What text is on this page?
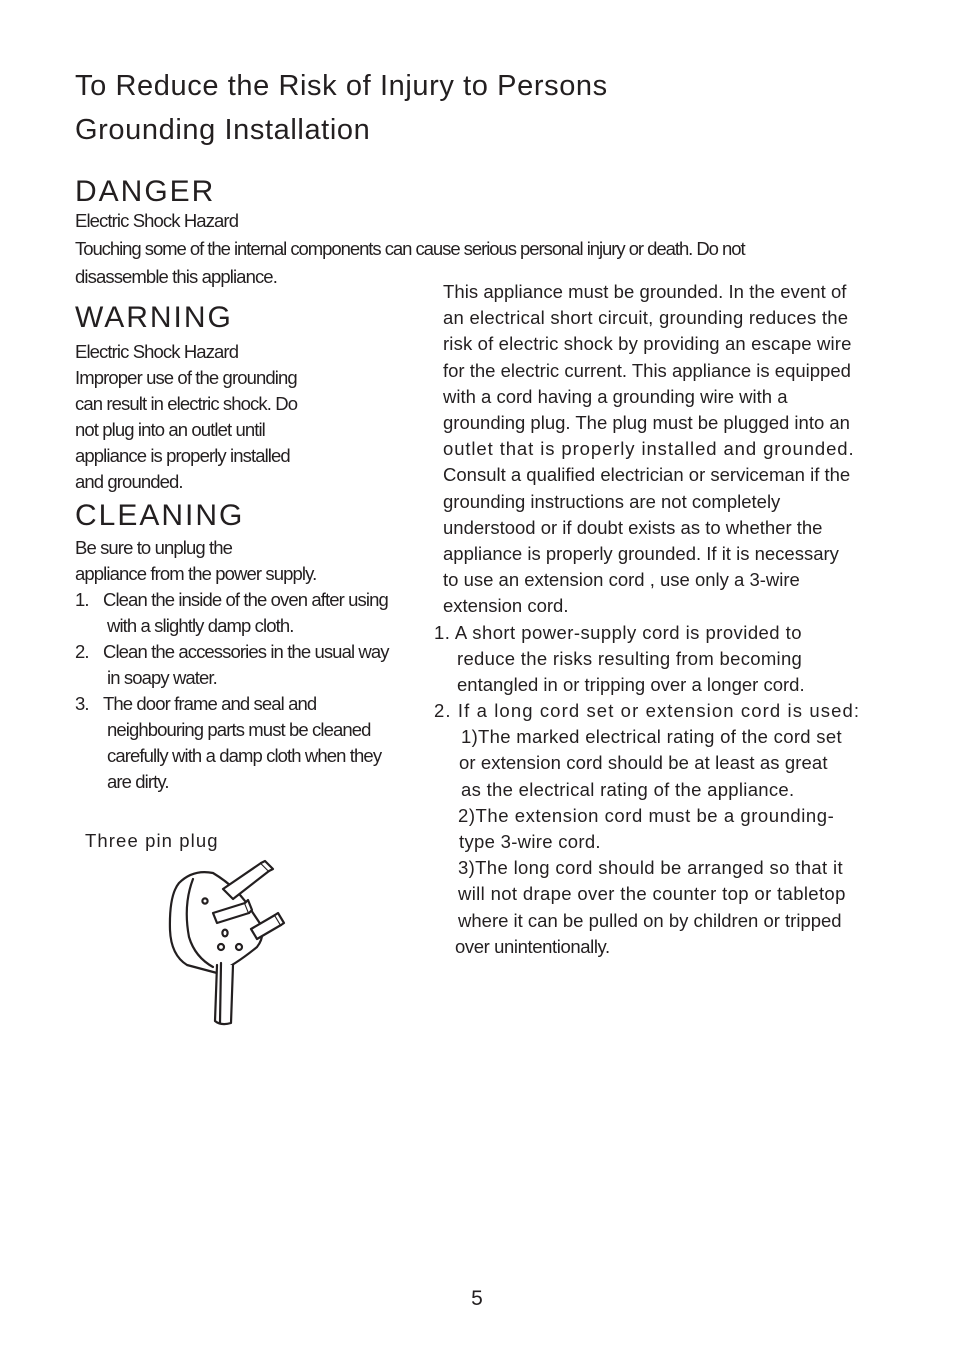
To Reduce the Risk of Injury to Persons
Grounding Installation
DANGER
Electric Shock Hazard
Touching some of the internal components can cause serious personal injury or death. Do not
disassemble this appliance.
WARNING
Electric Shock Hazard
Improper use of the grounding
can result in electric shock. Do
not plug into an outlet until
appliance is properly installed
and grounded.
CLEANING
Be sure to unplug the
appliance from the power supply.
1. Clean the inside of the oven after using
with a slightly damp cloth.
2. Clean the accessories in the usual way
in soapy water.
3. The door frame and seal and
neighbouring parts must be cleaned
carefully with a damp cloth when they
are dirty.
Three pin plug
This appliance must be grounded. In the event of
an electrical short circuit, grounding reduces the
risk of electric shock by providing an escape wire
for the electric current. This appliance is equipped
with a cord having a grounding wire with a
grounding plug. The plug must be plugged into an
outlet that is properly installed and grounded.
Consult a qualified electrician or serviceman if the
grounding instructions are not completely
understood or if doubt exists as to whether the
appliance is properly grounded. If it is necessary
to use an extension cord , use only a 3-wire
extension cord.
1. A short power-supply cord is provided to
reduce the risks resulting from becoming
entangled in or tripping over a longer cord.
2. If a long cord set or extension cord is used:
1)The marked electrical rating of the cord set
or extension cord should be at least as great
as the electrical rating of the appliance.
2)The extension cord must be a grounding-
type 3-wire cord.
3)The long cord should be arranged so that it
will not drape over the counter top or tabletop
where it can be pulled on by children or tripped
over unintentionally.
5
